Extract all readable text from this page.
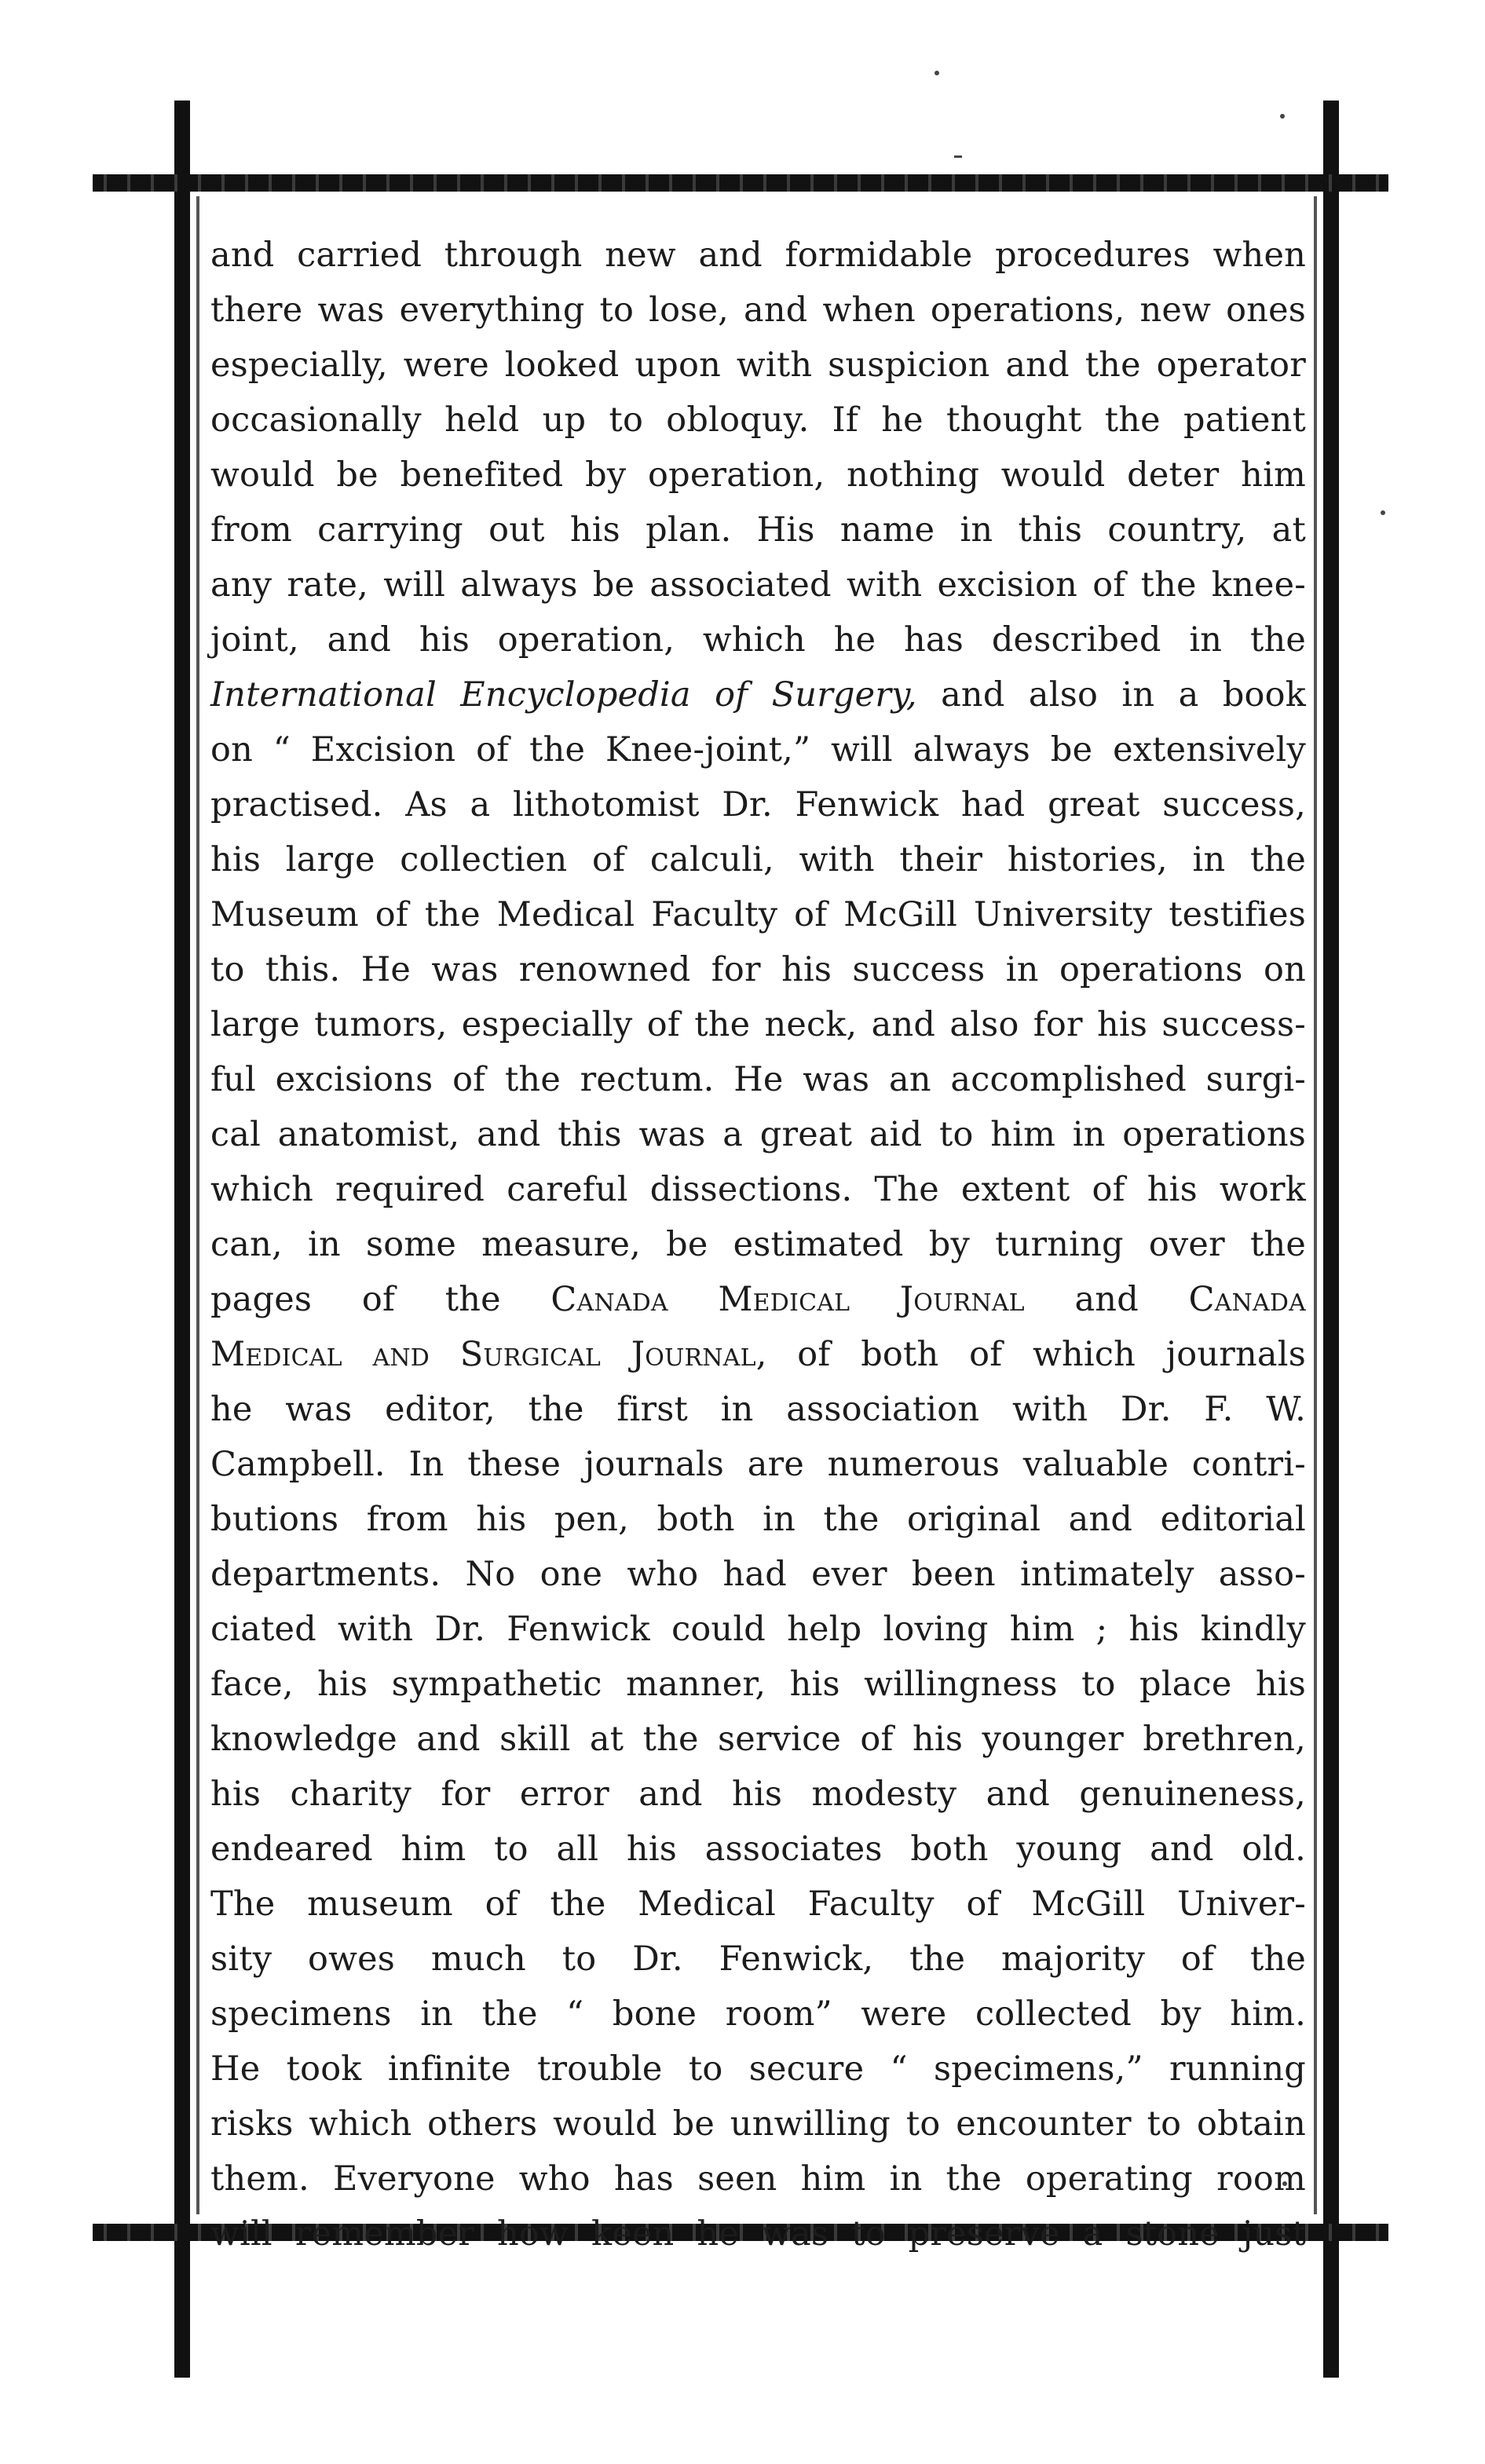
and carried through new and formidable procedures when
there was everything to lose, and when operations, new ones
especially, were looked upon with suspicion and the operator
occasionally held up to obloquy. If he thought the patient
would be benefited by operation, nothing would deter him
from carrying out his plan. His name in this country, at
any rate, will always be associated with excision of the knee-
joint, and his operation, which he has described in the
International Encyclopedia of Surgery, and also in a book
on “ Excision of the Knee-joint,” will always be extensively
practised. As a lithotomist Dr. Fenwick had great success,
his large collectien of calculi, with their histories, in the
Museum of the Medical Faculty of McGill University testifies
to this. He was renowned for his success in operations on
large tumors, especially of the neck, and also for his success-
ful excisions of the rectum. He was an accomplished surgi-
cal anatomist, and this was a great aid to him in operations
which required careful dissections. The extent of his work
can, in some measure, be estimated by turning over the
pages of the Canada Medical Journal and Canada
Medical and Surgical Journal, of both of which journals
he was editor, the first in association with Dr. F. W.
Campbell. In these journals are numerous valuable contri-
butions from his pen, both in the original and editorial
departments. No one who had ever been intimately asso-
ciated with Dr. Fenwick could help loving him ; his kindly
face, his sympathetic manner, his willingness to place his
knowledge and skill at the service of his younger brethren,
his charity for error and his modesty and genuineness,
endeared him to all his associates both young and old.
The museum of the Medical Faculty of McGill Univer-
sity owes much to Dr. Fenwick, the majority of the
specimens in the “ bone room” were collected by him.
He took infinite trouble to secure “ specimens,” running
risks which others would be unwilling to encounter to obtain
them. Everyone who has seen him in the operating room
will remember how keen he was to preserve a stone just
